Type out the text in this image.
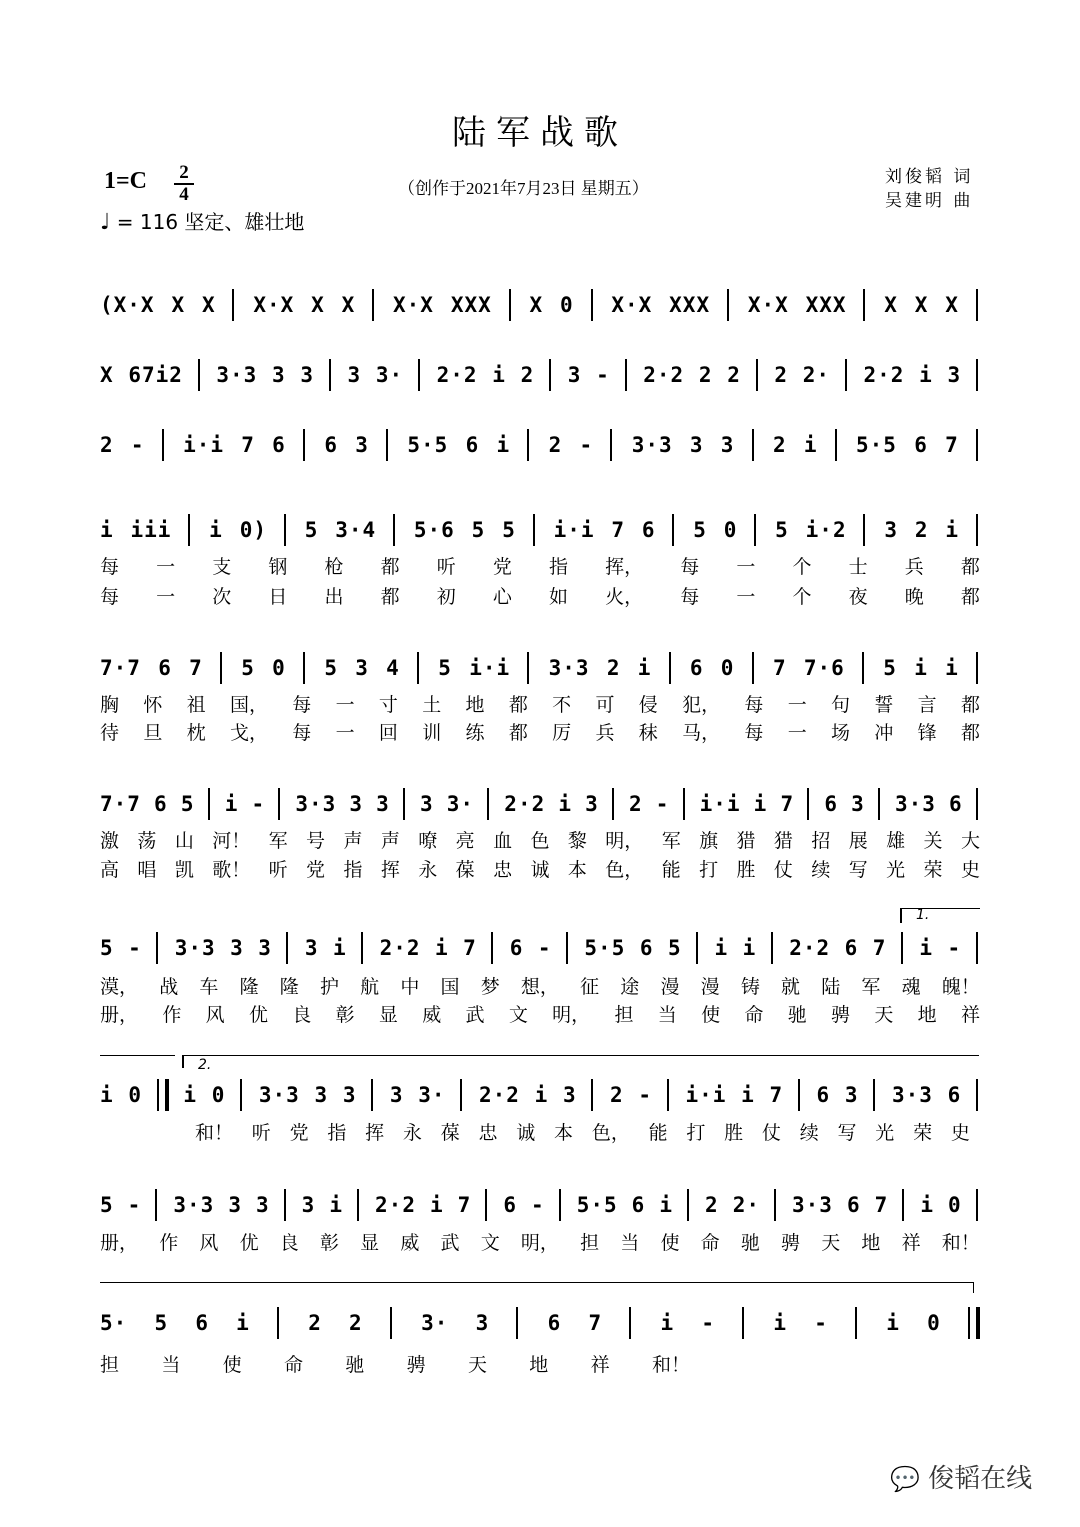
陆军战歌
1=C 2
4
♩ = 116 坚定、雄壮地
（创作于2021年7月23日 星期五）
刘俊韬 词
吴建明 曲
(X·X X X X·X X X X·X XXX X 0 X·X XXX X·X XXX X X X
X 67i2 3·3 3 3 3 3· 2·2 i 2 3 - 2·2 2 2 2 2· 2·2 i 3
2 - i·i 7 6 6 3 5·5 6 i 2 - 3·3 3 3 2 i 5·5 6 7
i iii i 0) 5 3·4 5·6 5 5 i·i 7 6 5 0 5 i·2 3 2 i
每 一 支 钢 枪 都 听 党 指 挥， 每 一 个 士 兵 都
每 一 次 日 出 都 初 心 如 火， 每 一 个 夜 晚 都
7·7 6 7 5 0 5 3 4 5 i·i 3·3 2 i 6 0 7 7·6 5 i i
胸 怀 祖 国， 每 一 寸 土 地 都 不 可 侵 犯， 每 一 句 誓 言 都
待 旦 枕 戈， 每 一 回 训 练 都 厉 兵 秣 马， 每 一 场 冲 锋 都
7·7 6 5 i - 3·3 3 3 3 3· 2·2 i 3 2 - i·i i 7 6 3 3·3 6
激 荡 山 河！ 军 号 声 声 嘹 亮 血 色 黎 明， 军 旗 猎 猎 招 展 雄 关 大
高 唱 凯 歌！ 听 党 指 挥 永 葆 忠 诚 本 色， 能 打 胜 仗 续 写 光 荣 史
1.
5 - 3·3 3 3 3 i 2·2 i 7 6 - 5·5 6 5 i i 2·2 6 7 i -
漠， 战 车 隆 隆 护 航 中 国 梦 想， 征 途 漫 漫 铸 就 陆 军 魂 魄！
册， 作 风 优 良 彰 显 威 武 文 明， 担 当 使 命 驰 骋 天 地 祥
2.
i 0 i 0 3·3 3 3 3 3· 2·2 i 3 2 - i·i i 7 6 3 3·3 6
和！ 听 党 指 挥 永 葆 忠 诚 本 色， 能 打 胜 仗 续 写 光 荣 史
5 - 3·3 3 3 3 i 2·2 i 7 6 - 5·5 6 i 2 2· 3·3 6 7 i 0
册， 作 风 优 良 彰 显 威 武 文 明， 担 当 使 命 驰 骋 天 地 祥 和！
5· 5 6 i	2 2	3· 3	6 7	i -	i -	i 0
担 当 使 命 驰 骋 天 地 祥 和！
💬 俊韬在线
